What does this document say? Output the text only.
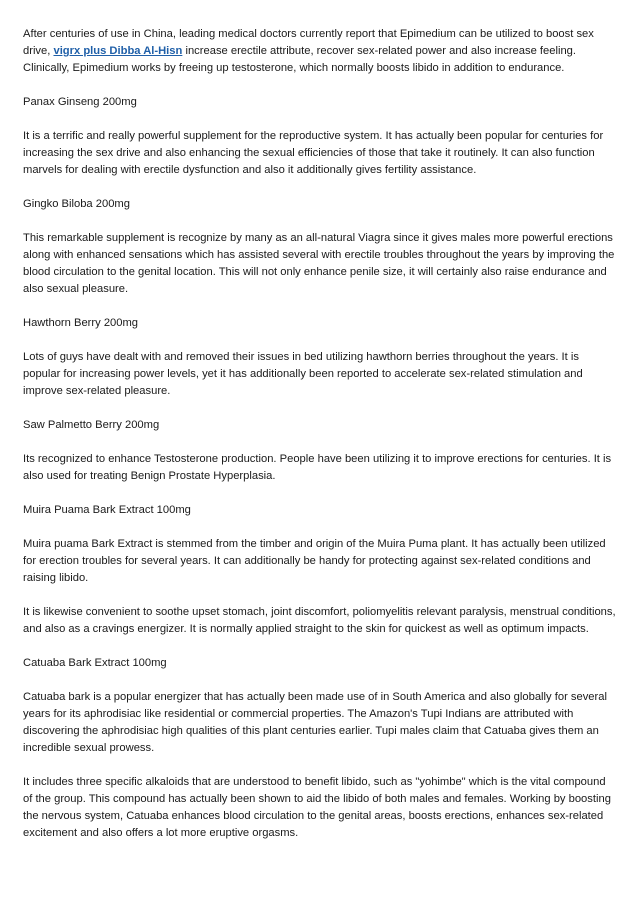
After centuries of use in China, leading medical doctors currently report that Epimedium can be utilized to boost sex drive, vigrx plus Dibba Al-Hisn increase erectile attribute, recover sex-related power and also increase feeling. Clinically, Epimedium works by freeing up testosterone, which normally boosts libido in addition to endurance.

Panax Ginseng 200mg

It is a terrific and really powerful supplement for the reproductive system. It has actually been popular for centuries for increasing the sex drive and also enhancing the sexual efficiencies of those that take it routinely. It can also function marvels for dealing with erectile dysfunction and also it additionally gives fertility assistance.

Gingko Biloba 200mg

This remarkable supplement is recognize by many as an all-natural Viagra since it gives males more powerful erections along with enhanced sensations which has assisted several with erectile troubles throughout the years by improving the blood circulation to the genital location. This will not only enhance penile size, it will certainly also raise endurance and also sexual pleasure.

Hawthorn Berry 200mg

Lots of guys have dealt with and removed their issues in bed utilizing hawthorn berries throughout the years. It is popular for increasing power levels, yet it has additionally been reported to accelerate sex-related stimulation and improve sex-related pleasure.

Saw Palmetto Berry 200mg

Its recognized to enhance Testosterone production. People have been utilizing it to improve erections for centuries. It is also used for treating Benign Prostate Hyperplasia.

Muira Puama Bark Extract 100mg

Muira puama Bark Extract is stemmed from the timber and origin of the Muira Puma plant. It has actually been utilized for erection troubles for several years. It can additionally be handy for protecting against sex-related conditions and raising libido.

It is likewise convenient to soothe upset stomach, joint discomfort, poliomyelitis relevant paralysis, menstrual conditions, and also as a cravings energizer. It is normally applied straight to the skin for quickest as well as optimum impacts.

Catuaba Bark Extract 100mg

Catuaba bark is a popular energizer that has actually been made use of in South America and also globally for several years for its aphrodisiac like residential or commercial properties. The Amazon's Tupi Indians are attributed with discovering the aphrodisiac high qualities of this plant centuries earlier. Tupi males claim that Catuaba gives them an incredible sexual prowess.

It includes three specific alkaloids that are understood to benefit libido, such as "yohimbe" which is the vital compound of the group. This compound has actually been shown to aid the libido of both males and females. Working by boosting the nervous system, Catuaba enhances blood circulation to the genital areas, boosts erections, enhances sex-related excitement and also offers a lot more eruptive orgasms.
